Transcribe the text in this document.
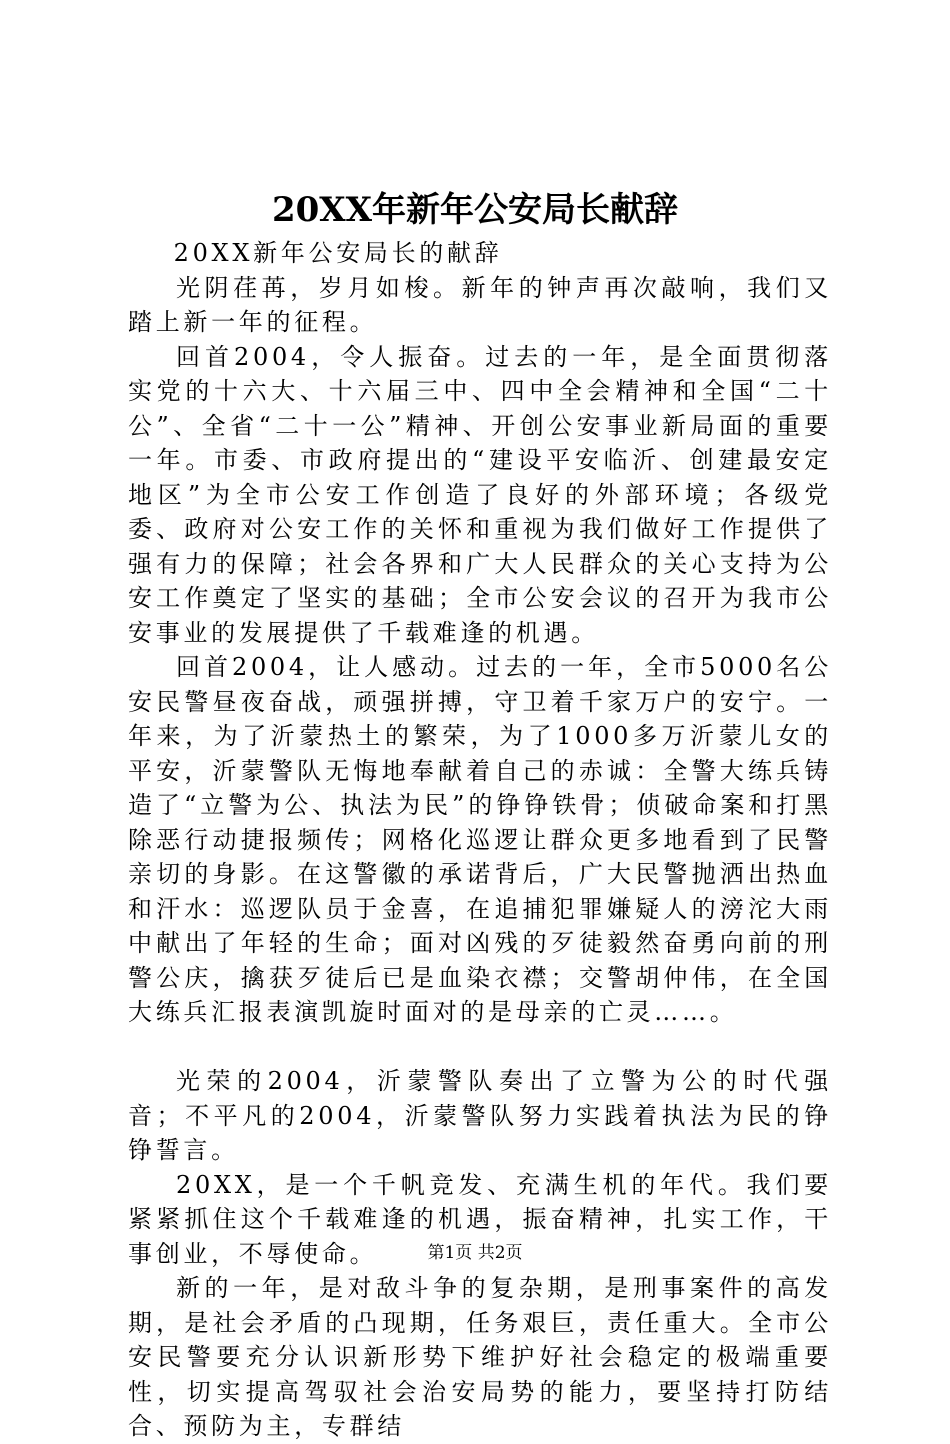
20XX年新年公安局长献辞

20XX新年公安局长的献辞

光阴荏苒，岁月如梭。新年的钟声再次敲响，我们又踏上新一年的征程。

回首2004，令人振奋。过去的一年，是全面贯彻落实党的十六大、十六届三中、四中全会精神和全国“二十公”、全省“二十一公”精神、开创公安事业新局面的重要一年。市委、市政府提出的“建设平安临沂、创建最安定地区”为全市公安工作创造了良好的外部环境；各级党委、政府对公安工作的关怀和重视为我们做好工作提供了强有力的保障；社会各界和广大人民群众的关心支持为公安工作奠定了坚实的基础；全市公安会议的召开为我市公安事业的发展提供了千载难逢的机遇。

回首2004，让人感动。过去的一年，全市5000名公安民警昼夜奋战，顽强拼搏，守卫着千家万户的安宁。一年来，为了沂蒙热土的繁荣，为了1000多万沂蒙儿女的平安，沂蒙警队无悔地奉献着自己的赤诚：全警大练兵铸造了“立警为公、执法为民”的铮铮铁骨；侦破命案和打黑除恶行动捷报频传；网格化巡逻让群众更多地看到了民警亲切的身影。在这警徽的承诺背后，广大民警抛洒出热血和汗水：巡逻队员于金喜，在追捕犯罪嫌疑人的滂沱大雨中献出了年轻的生命；面对凶残的歹徒毅然奋勇向前的刑警公庆，擒获歹徒后已是血染衣襟；交警胡仲伟，在全国大练兵汇报表演凯旋时面对的是母亲的亡灵……。

光荣的2004，沂蒙警队奏出了立警为公的时代强音；不平凡的2004，沂蒙警队努力实践着执法为民的铮铮誓言。

20XX，是一个千帆竞发、充满生机的年代。我们要紧紧抓住这个千载难逢的机遇，振奋精神，扎实工作，干事创业，不辱使命。

新的一年，是对敌斗争的复杂期，是刑事案件的高发期，是社会矛盾的凸现期，任务艰巨，责任重大。全市公安民警要充分认识新形势下维护好社会稳定的极端重要性，切实提高驾驭社会治安局势的能力，要坚持打防结合、预防为主，专群结

第1页 共2页
